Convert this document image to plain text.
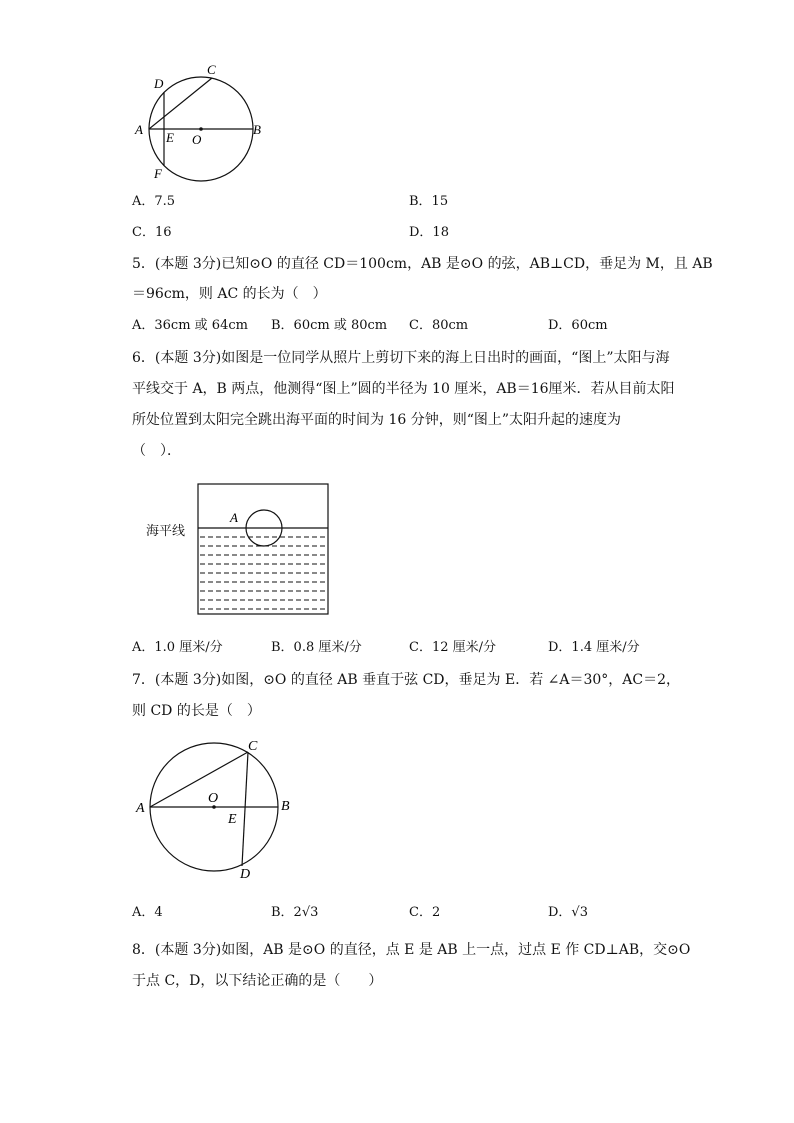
C
D
A
E O
B
F
A．7.5	B．15
C．16	D．18
5．(本题 3分)已知⊙O 的直径 CD＝100cm，AB 是⊙O 的弦，AB⊥CD，垂足为 M，且 AB
＝96cm，则 AC 的长为（　）
A．36cm 或 64cm B．60cm 或 80cm C．80cm	D．60cm
6．(本题 3分)如图是一位同学从照片上剪切下来的海上日出时的画面，“图上”太阳与海
平线交于 A，B 两点，他测得“图上”圆的半径为 10 厘米，AB＝16厘米．若从目前太阳
所处位置到太阳完全跳出海平面的时间为 16 分钟，则“图上”太阳升起的速度为
（　）．
海平线
A
A．1.0 厘米/分	B．0.8 厘米/分	C．12 厘米/分	D．1.4 厘米/分
7．(本题 3分)如图，⊙O 的直径 AB 垂直于弦 CD，垂足为 E．若 ∠A＝30°，AC＝2，
则 CD 的长是（　）
C
A
O
E
B
D
A．4	B．2√3	C．2	D．√3
8．(本题 3分)如图，AB 是⊙O 的直径，点 E 是 AB 上一点，过点 E 作 CD⊥AB，交⊙O
于点 C，D，以下结论正确的是（　　）
